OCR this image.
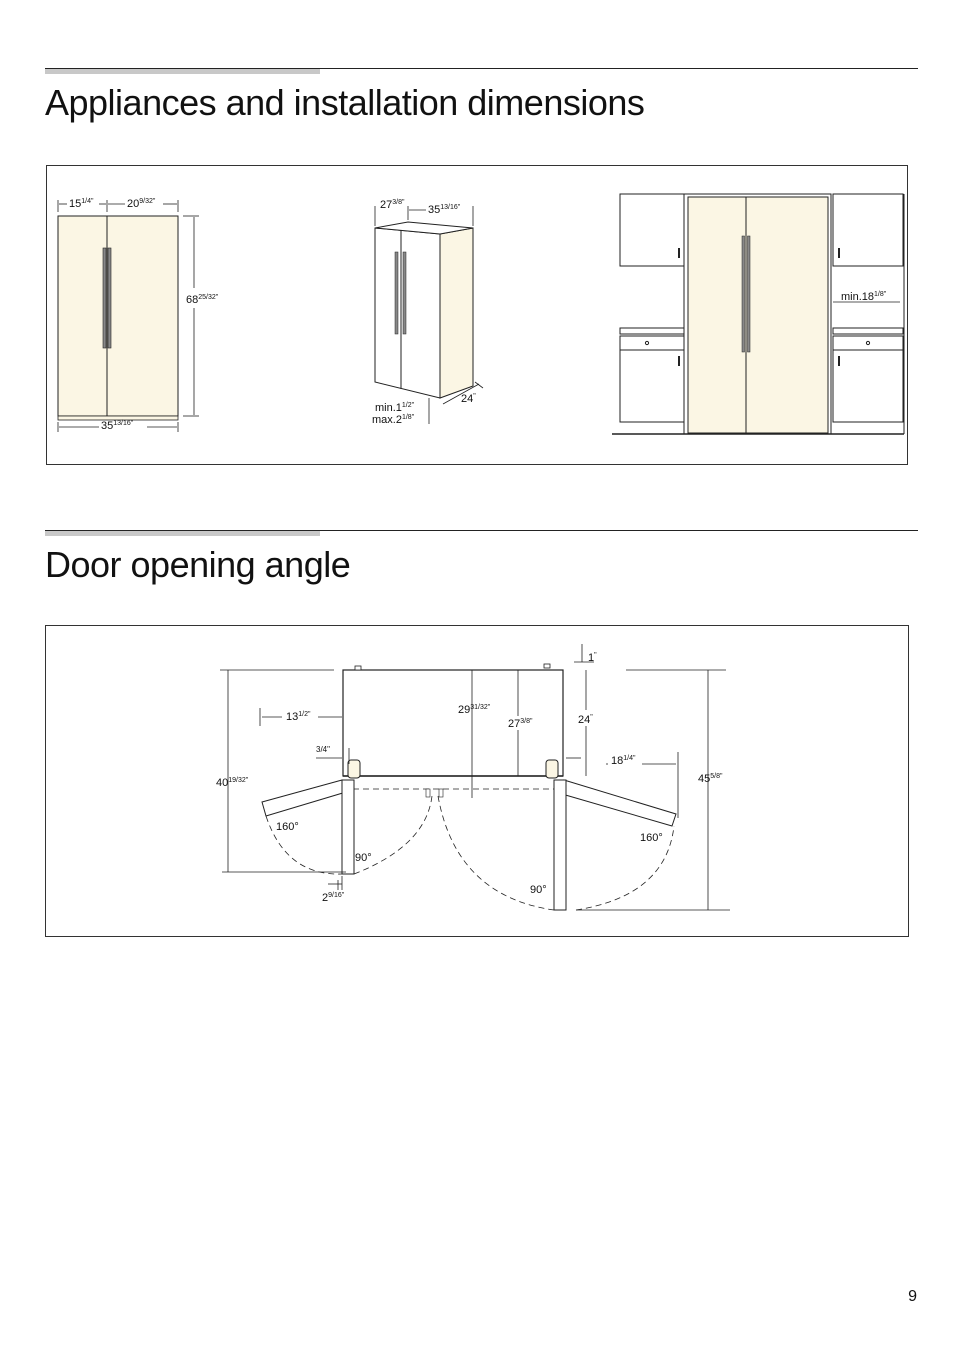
Appliances and installation dimensions
$15^{1/4"}$	$20^{9/32"}$
$68^{25/32"}$
$35^{13/16"}$
$27^{3/8"}$
$35^{13/16"}$
24"
$\min.1^{1/2"}$
$\max.2^{1/8"}$
$\min.18^{1/8"}$
Door opening angle
$40^{19/32"}$
$13^{1/2"}$
3/4"
$2^{9/16"}$
$29^{31/32"}$
$27^{3/8"}$
1"
24"
$18^{1/4"}$
$45^{5/8"}$
160°
160°
90°
90°
9
